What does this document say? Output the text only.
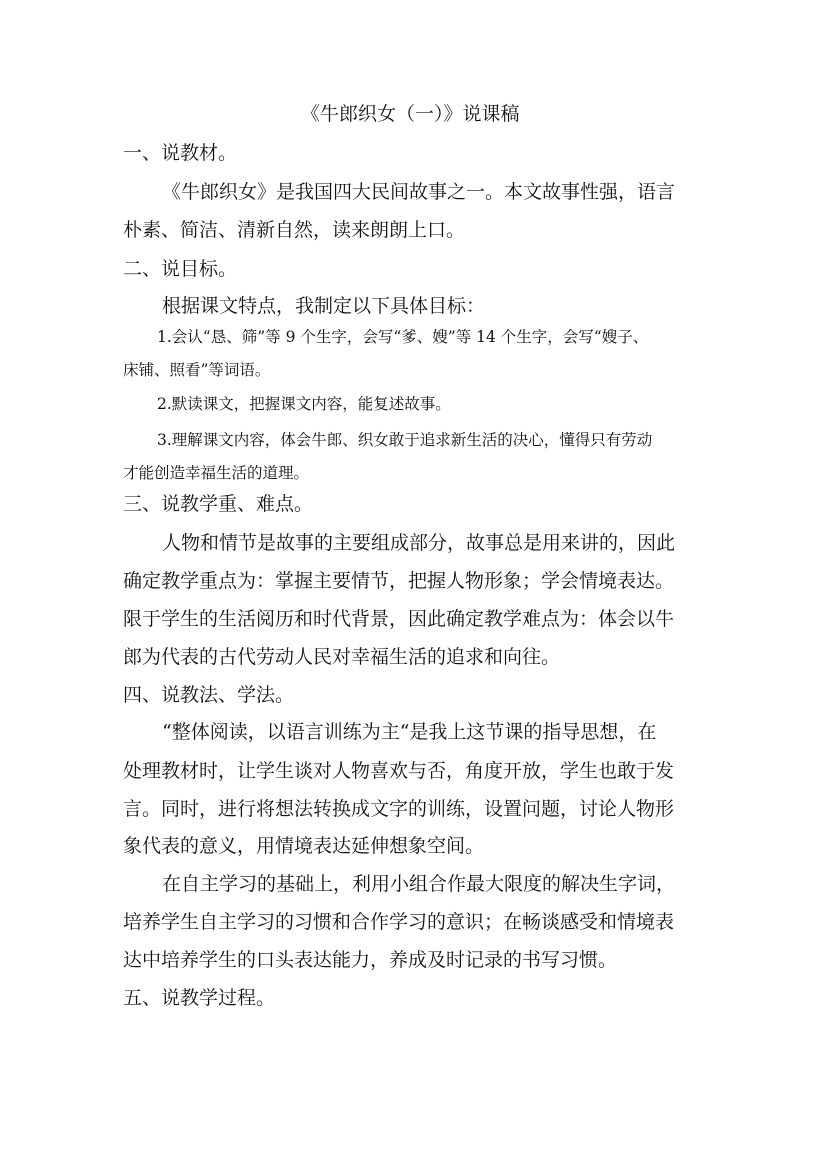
《牛郎织女（一）》说课稿
一、说教材。
《牛郎织女》是我国四大民间故事之一。本文故事性强，语言
朴素、简洁、清新自然，读来朗朗上口。
二、说目标。
根据课文特点，我制定以下具体目标：
1.会认“恳、筛”等 9 个生字，会写“爹、嫂”等 14 个生字，会写“嫂子、
床铺、照看”等词语。
2.默读课文，把握课文内容，能复述故事。
3.理解课文内容，体会牛郎、织女敢于追求新生活的决心，懂得只有劳动
才能创造幸福生活的道理。
三、说教学重、难点。
人物和情节是故事的主要组成部分，故事总是用来讲的，因此
确定教学重点为：掌握主要情节，把握人物形象；学会情境表达。
限于学生的生活阅历和时代背景，因此确定教学难点为：体会以牛
郎为代表的古代劳动人民对幸福生活的追求和向往。
四、说教法、学法。
“整体阅读，以语言训练为主“是我上这节课的指导思想，在
处理教材时，让学生谈对人物喜欢与否，角度开放，学生也敢于发
言。同时，进行将想法转换成文字的训练，设置问题，讨论人物形
象代表的意义，用情境表达延伸想象空间。
在自主学习的基础上，利用小组合作最大限度的解决生字词，
培养学生自主学习的习惯和合作学习的意识；在畅谈感受和情境表
达中培养学生的口头表达能力，养成及时记录的书写习惯。
五、说教学过程。
